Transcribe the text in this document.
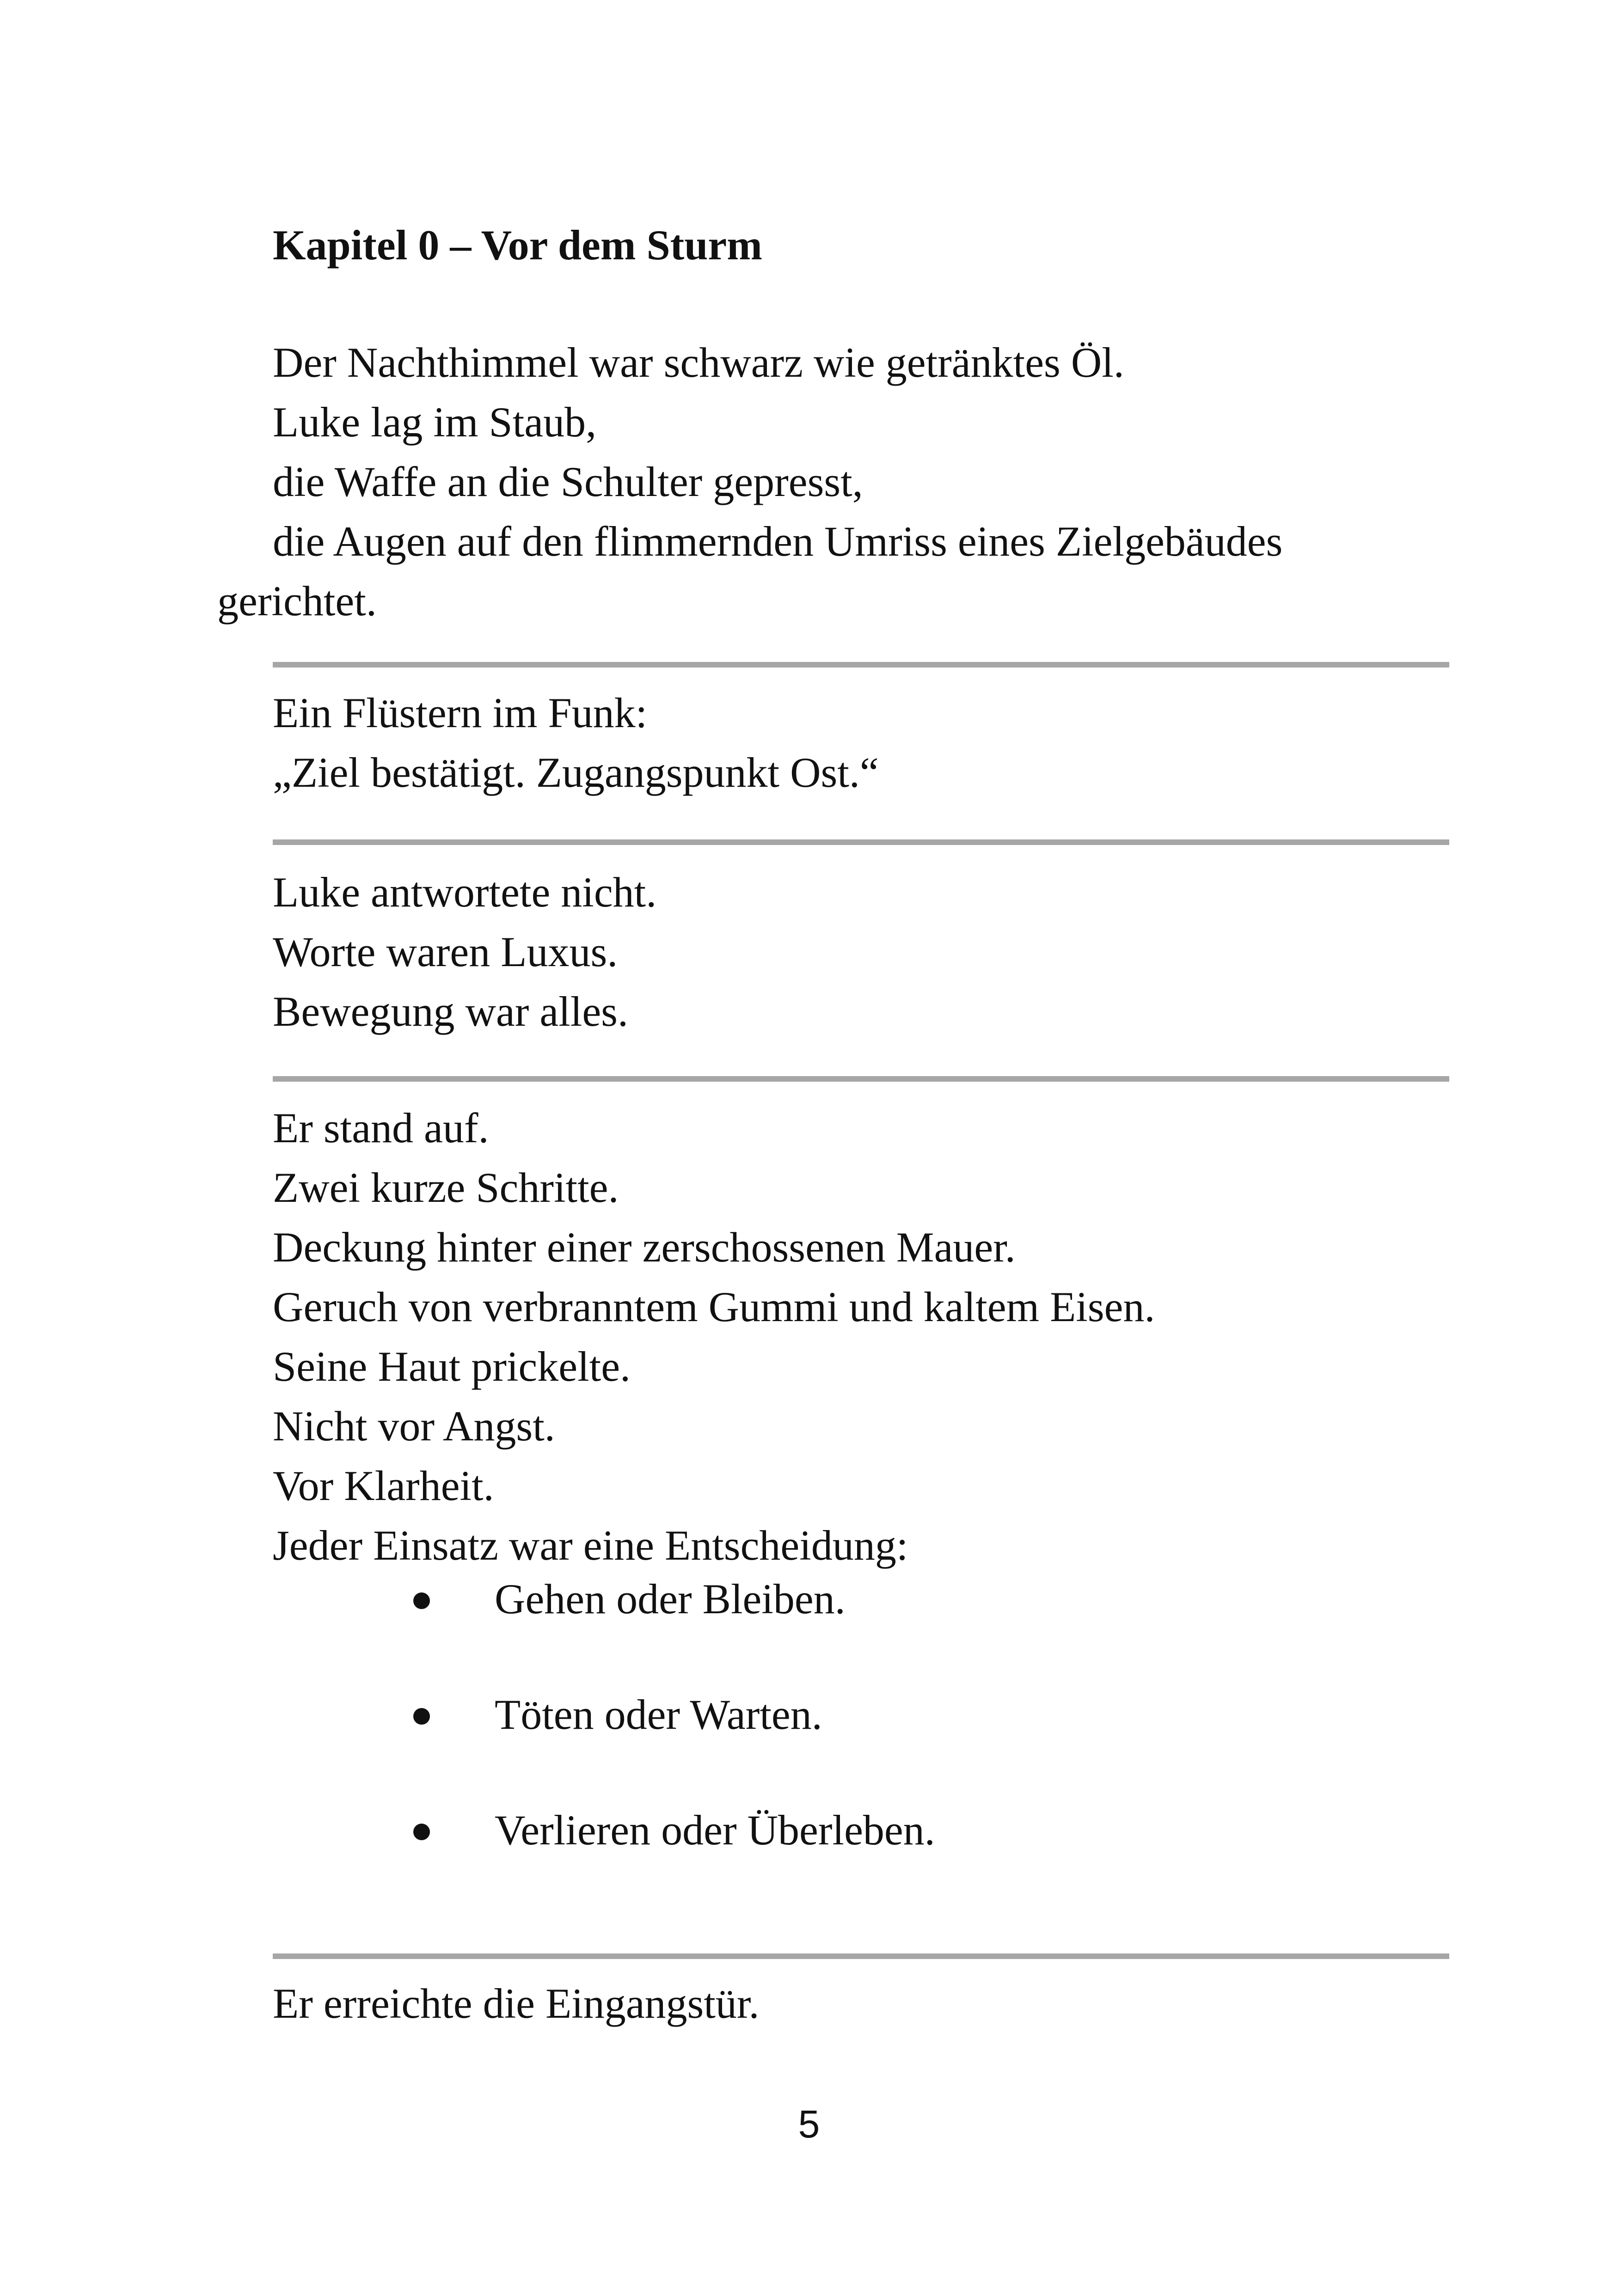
Kapitel 0 – Vor dem Sturm
Der Nachthimmel war schwarz wie getränktes Öl.
Luke lag im Staub,
die Waffe an die Schulter gepresst,
die Augen auf den flimmernden Umriss eines Zielgebäudes
gerichtet.
Ein Flüstern im Funk:
„Ziel bestätigt. Zugangspunkt Ost.“
Luke antwortete nicht.
Worte waren Luxus.
Bewegung war alles.
Er stand auf.
Zwei kurze Schritte.
Deckung hinter einer zerschossenen Mauer.
Geruch von verbranntem Gummi und kaltem Eisen.
Seine Haut prickelte.
Nicht vor Angst.
Vor Klarheit.
Jeder Einsatz war eine Entscheidung:
Gehen oder Bleiben.
Töten oder Warten.
Verlieren oder Überleben.
Er erreichte die Eingangstür.
5
